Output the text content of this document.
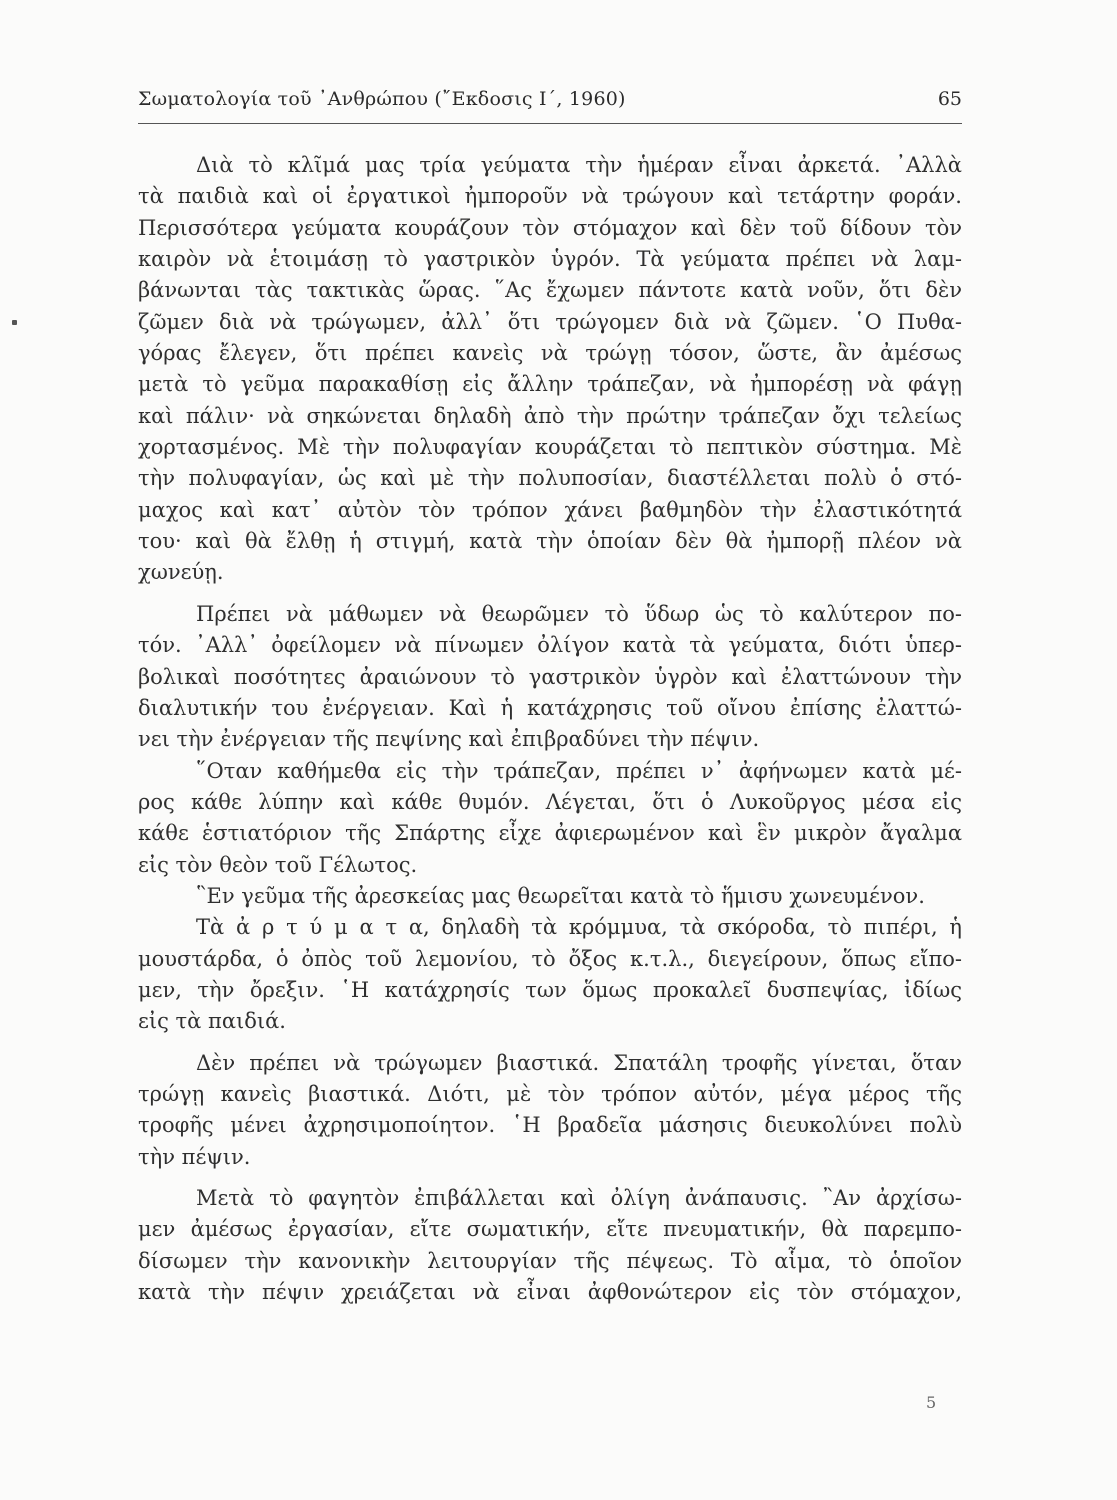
Σωματολογία τοῦ ᾿Ανθρώπου (῎Εκδοσις Ι΄, 1960)	65
Διὰ τὸ κλῖμά μας τρία γεύματα τὴν ἡμέραν εἶναι ἀρκετά. ᾿Αλλὰ
τὰ παιδιὰ καὶ οἱ ἐργατικοὶ ἠμποροῦν νὰ τρώγουν καὶ τετάρτην φοράν.
Περισσότερα γεύματα κουράζουν τὸν στόμαχον καὶ δὲν τοῦ δίδουν τὸν
καιρὸν νὰ ἑτοιμάσῃ τὸ γαστρικὸν ὑγρόν. Τὰ γεύματα πρέπει νὰ λαμ-
βάνωνται τὰς τακτικὰς ὥρας. ῞Ας ἔχωμεν πάντοτε κατὰ νοῦν, ὅτι δὲν
ζῶμεν διὰ νὰ τρώγωμεν, ἀλλ᾿ ὅτι τρώγομεν διὰ νὰ ζῶμεν. ῾Ο Πυθα-
γόρας ἔλεγεν, ὅτι πρέπει κανεὶς νὰ τρώγῃ τόσον, ὥστε, ἂν ἀμέσως
μετὰ τὸ γεῦμα παρακαθίσῃ εἰς ἄλλην τράπεζαν, νὰ ἠμπορέσῃ νὰ φάγῃ
καὶ πάλιν· νὰ σηκώνεται δηλαδὴ ἀπὸ τὴν πρώτην τράπεζαν ὄχι τελείως
χορτασμένος. Μὲ τὴν πολυφαγίαν κουράζεται τὸ πεπτικὸν σύστημα. Μὲ
τὴν πολυφαγίαν, ὡς καὶ μὲ τὴν πολυποσίαν, διαστέλλεται πολὺ ὁ στό-
μαχος καὶ κατ᾿ αὐτὸν τὸν τρόπον χάνει βαθμηδὸν τὴν ἐλαστικότητά
του· καὶ θὰ ἔλθῃ ἡ στιγμή, κατὰ τὴν ὁποίαν δὲν θὰ ἠμπορῇ πλέον νὰ
χωνεύῃ.
Πρέπει νὰ μάθωμεν νὰ θεωρῶμεν τὸ ὕδωρ ὡς τὸ καλύτερον πο-
τόν. ᾿Αλλ᾿ ὀφείλομεν νὰ πίνωμεν ὀλίγον κατὰ τὰ γεύματα, διότι ὑπερ-
βολικαὶ ποσότητες ἀραιώνουν τὸ γαστρικὸν ὑγρὸν καὶ ἐλαττώνουν τὴν
διαλυτικήν του ἐνέργειαν. Καὶ ἡ κατάχρησις τοῦ οἴνου ἐπίσης ἐλαττώ-
νει τὴν ἐνέργειαν τῆς πεψίνης καὶ ἐπιβραδύνει τὴν πέψιν.
῞Οταν καθήμεθα εἰς τὴν τράπεζαν, πρέπει ν᾿ ἀφήνωμεν κατὰ μέ-
ρος κάθε λύπην καὶ κάθε θυμόν. Λέγεται, ὅτι ὁ Λυκοῦργος μέσα εἰς
κάθε ἑστιατόριον τῆς Σπάρτης εἶχε ἀφιερωμένον καὶ ἓν μικρὸν ἄγαλμα
εἰς τὸν θεὸν τοῦ Γέλωτος.
῝Εν γεῦμα τῆς ἀρεσκείας μας θεωρεῖται κατὰ τὸ ἥμισυ χωνευμένον.
Τὰ ἀ ρ τ ύ μ α τ α, δηλαδὴ τὰ κρόμμυα, τὰ σκόροδα, τὸ πιπέρι, ἡ
μουστάρδα, ὁ ὀπὸς τοῦ λεμονίου, τὸ ὄξος κ.τ.λ., διεγείρουν, ὅπως εἴπο-
μεν, τὴν ὄρεξιν. ῾Η κατάχρησίς των ὅμως προκαλεῖ δυσπεψίας, ἰδίως
εἰς τὰ παιδιά.
Δὲν πρέπει νὰ τρώγωμεν βιαστικά. Σπατάλη τροφῆς γίνεται, ὅταν
τρώγῃ κανεὶς βιαστικά. Διότι, μὲ τὸν τρόπον αὐτόν, μέγα μέρος τῆς
τροφῆς μένει ἀχρησιμοποίητον. ῾Η βραδεῖα μάσησις διευκολύνει πολὺ
τὴν πέψιν.
Μετὰ τὸ φαγητὸν ἐπιβάλλεται καὶ ὀλίγη ἀνάπαυσις. ῍Αν ἀρχίσω-
μεν ἀμέσως ἐργασίαν, εἴτε σωματικήν, εἴτε πνευματικήν, θὰ παρεμπο-
δίσωμεν τὴν κανονικὴν λειτουργίαν τῆς πέψεως. Τὸ αἷμα, τὸ ὁποῖον
κατὰ τὴν πέψιν χρειάζεται νὰ εἶναι ἀφθονώτερον εἰς τὸν στόμαχον,
5
